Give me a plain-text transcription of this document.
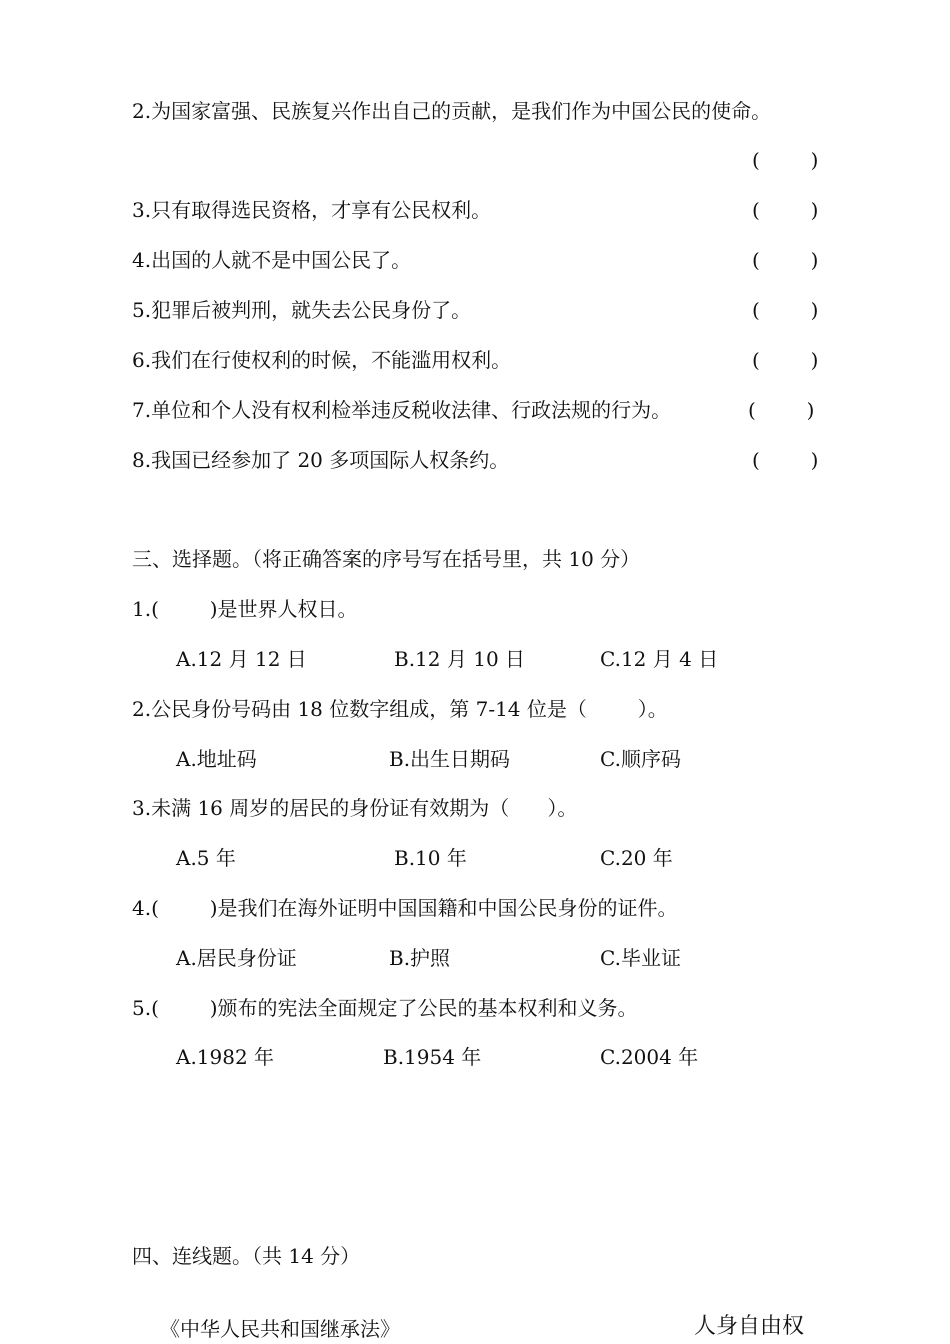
2.为国家富强、民族复兴作出自己的贡献，是我们作为中国公民的使命。
(        )
3.只有取得选民资格，才享有公民权利。	(        )
4.出国的人就不是中国公民了。	(        )
5.犯罪后被判刑，就失去公民身份了。	(        )
6.我们在行使权利的时候，不能滥用权利。	(        )
7.单位和个人没有权利检举违反税收法律、行政法规的行为。	(        )
8.我国已经参加了 20 多项国际人权条约。	(        )
三、选择题。（将正确答案的序号写在括号里，共 10 分）
1.(        )是世界人权日。
A.12 月 12 日	B.12 月 10 日	C.12 月 4 日
2.公民身份号码由 18 位数字组成，第 7-14 位是（        ）。
A.地址码	B.出生日期码	C.顺序码
3.未满 16 周岁的居民的身份证有效期为（      ）。
A.5 年	B.10 年	C.20 年
4.(        )是我们在海外证明中国国籍和中国公民身份的证件。
A.居民身份证	B.护照	C.毕业证
5.(        )颁布的宪法全面规定了公民的基本权利和义务。
A.1982 年	B.1954 年	C.2004 年
四、连线题。（共 14 分）
《中华人民共和国继承法》	人身自由权
